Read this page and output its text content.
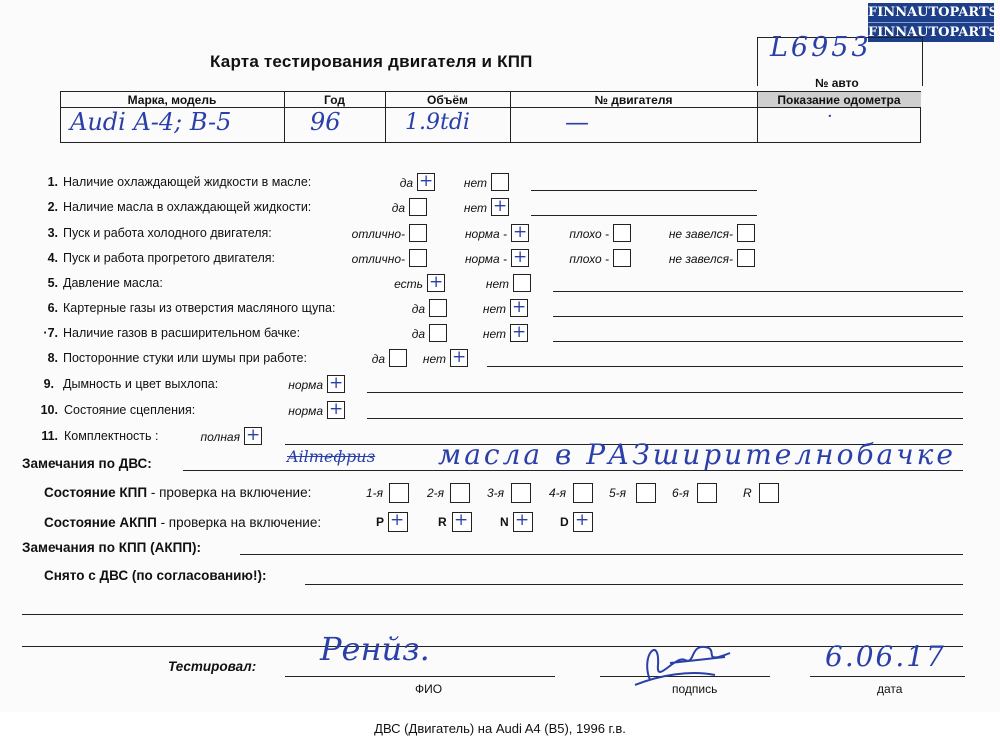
FINNAUTOPARTS
FINNAUTOPARTS
Карта тестирования двигателя и КПП	L6953
№ авто
Марка, модель	Год	Объём	№ двигателя	Показание одометра
Audi A-4; B-5	96	1.9tdi	—	·
1. Наличие охлаждающей жидкости в масле:	да +	нет
2. Наличие масла в охлаждающей жидкости:	да	нет +
3. Пуск и работа холодного двигателя:	отлично-	норма - +	плохо -	не завелся-
4. Пуск и работа прогретого двигателя:	отлично-	норма - +	плохо -	не завелся-
5. Давление масла:	есть +	нет
6. Картерные газы из отверстия масляного щупа:	да	нет +
·7. Наличие газов в расширительном бачке:	да	нет +
8. Посторонние стуки или шумы при работе:	да	нет +
9. Дымность и цвет выхлопа:	норма +
10. Состояние сцепления:	норма +
11. Комплектность :	полная +
Замечания по ДВС:	Ailтефриз масла в РАЗширителнобачке
Состояние КПП - проверка на включение:	1-я	2-я	3-я	4-я	5-я	6-я	R
Состояние АКПП - проверка на включение:	P +	R +	N +	D +
Замечания по КПП (АКПП):
Снято с ДВС (по согласованию!):
Тестировал: Ренйз.	6.06.17
ФИО	подпись	дата
ДВС (Двигатель) на Audi A4 (B5), 1996 г.в.
